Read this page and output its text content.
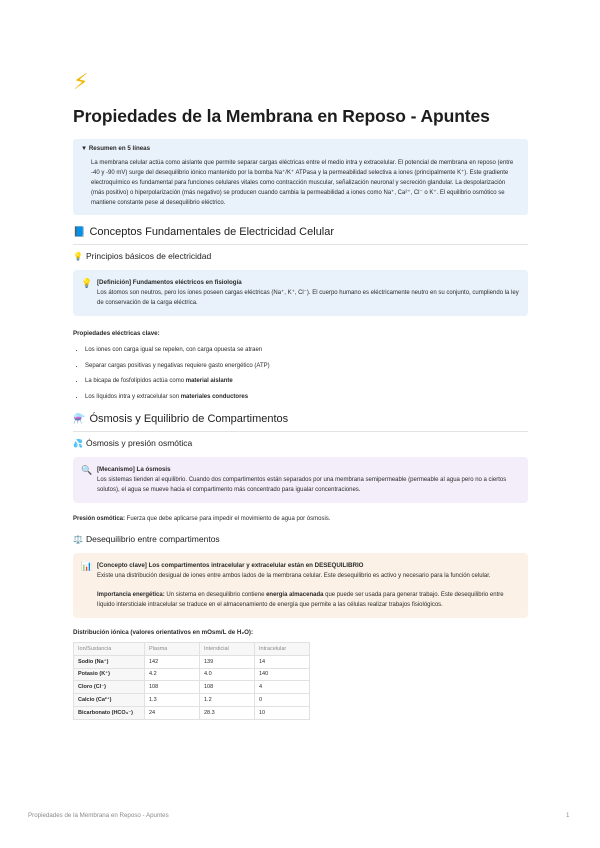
⚡
Propiedades de la Membrana en Reposo - Apuntes
▼ Resumen en 5 líneas
La membrana celular actúa como aislante que permite separar cargas eléctricas entre el medio intra y extracelular. El potencial de membrana en reposo (entre -40 y -90 mV) surge del desequilibrio iónico mantenido por la bomba Na⁺/K⁺ ATPasa y la permeabilidad selectiva a iones (principalmente K⁺). Este gradiente electroquímico es fundamental para funciones celulares vitales como contracción muscular, señalización neuronal y secreción glandular. La despolarización (más positivo) o hiperpolarización (más negativo) se producen cuando cambia la permeabilidad a iones como Na⁺, Ca²⁺, Cl⁻ o K⁺. El equilibrio osmótico se mantiene constante pese al desequilibrio eléctrico.
📘 Conceptos Fundamentales de Electricidad Celular
💡 Principios básicos de electricidad
💡 [Definición] Fundamentos eléctricos en fisiología
Los átomos son neutros, pero los iones poseen cargas eléctricas (Na⁺, K⁺, Cl⁻). El cuerpo humano es eléctricamente neutro en su conjunto, cumpliendo la ley de conservación de la carga eléctrica.
Propiedades eléctricas clave:
• Los iones con carga igual se repelen, con carga opuesta se atraen
• Separar cargas positivas y negativas requiere gasto energético (ATP)
• La bicapa de fosfolípidos actúa como material aislante
• Los líquidos intra y extracelular son materiales conductores
⚗️ Ósmosis y Equilibrio de Compartimentos
💦 Ósmosis y presión osmótica
🔍 [Mecanismo] La ósmosis
Los sistemas tienden al equilibrio. Cuando dos compartimentos están separados por una membrana semipermeable (permeable al agua pero no a ciertos solutos), el agua se mueve hacia el compartimento más concentrado para igualar concentraciones.
Presión osmótica: Fuerza que debe aplicarse para impedir el movimiento de agua por ósmosis.
⚖️ Desequilibrio entre compartimentos
📊 [Concepto clave] Los compartimentos intracelular y extracelular están en DESEQUILIBRIO
Existe una distribución desigual de iones entre ambos lados de la membrana celular. Este desequilibrio es activo y necesario para la función celular.
Importancia energética: Un sistema en desequilibrio contiene energía almacenada que puede ser usada para generar trabajo. Este desequilibrio entre líquido intersticiale intracelular se traduce en el almacenamiento de energía que permite a las células realizar trabajos fisiológicos.
Distribución iónica (valores orientativos en mOsm/L de H₂O):
Ion/Sustancia	Plasma	Intersticial	Intracelular
Sodio (Na⁺)	142	139	14
Potasio (K⁺)	4.2	4.0	140
Cloro (Cl⁻)	108	108	4
Calcio (Ca²⁺)	1.3	1.2	0
Bicarbonato (HCO₃⁻)	24	28.3	10
Propiedades de la Membrana en Reposo - Apuntes	1
